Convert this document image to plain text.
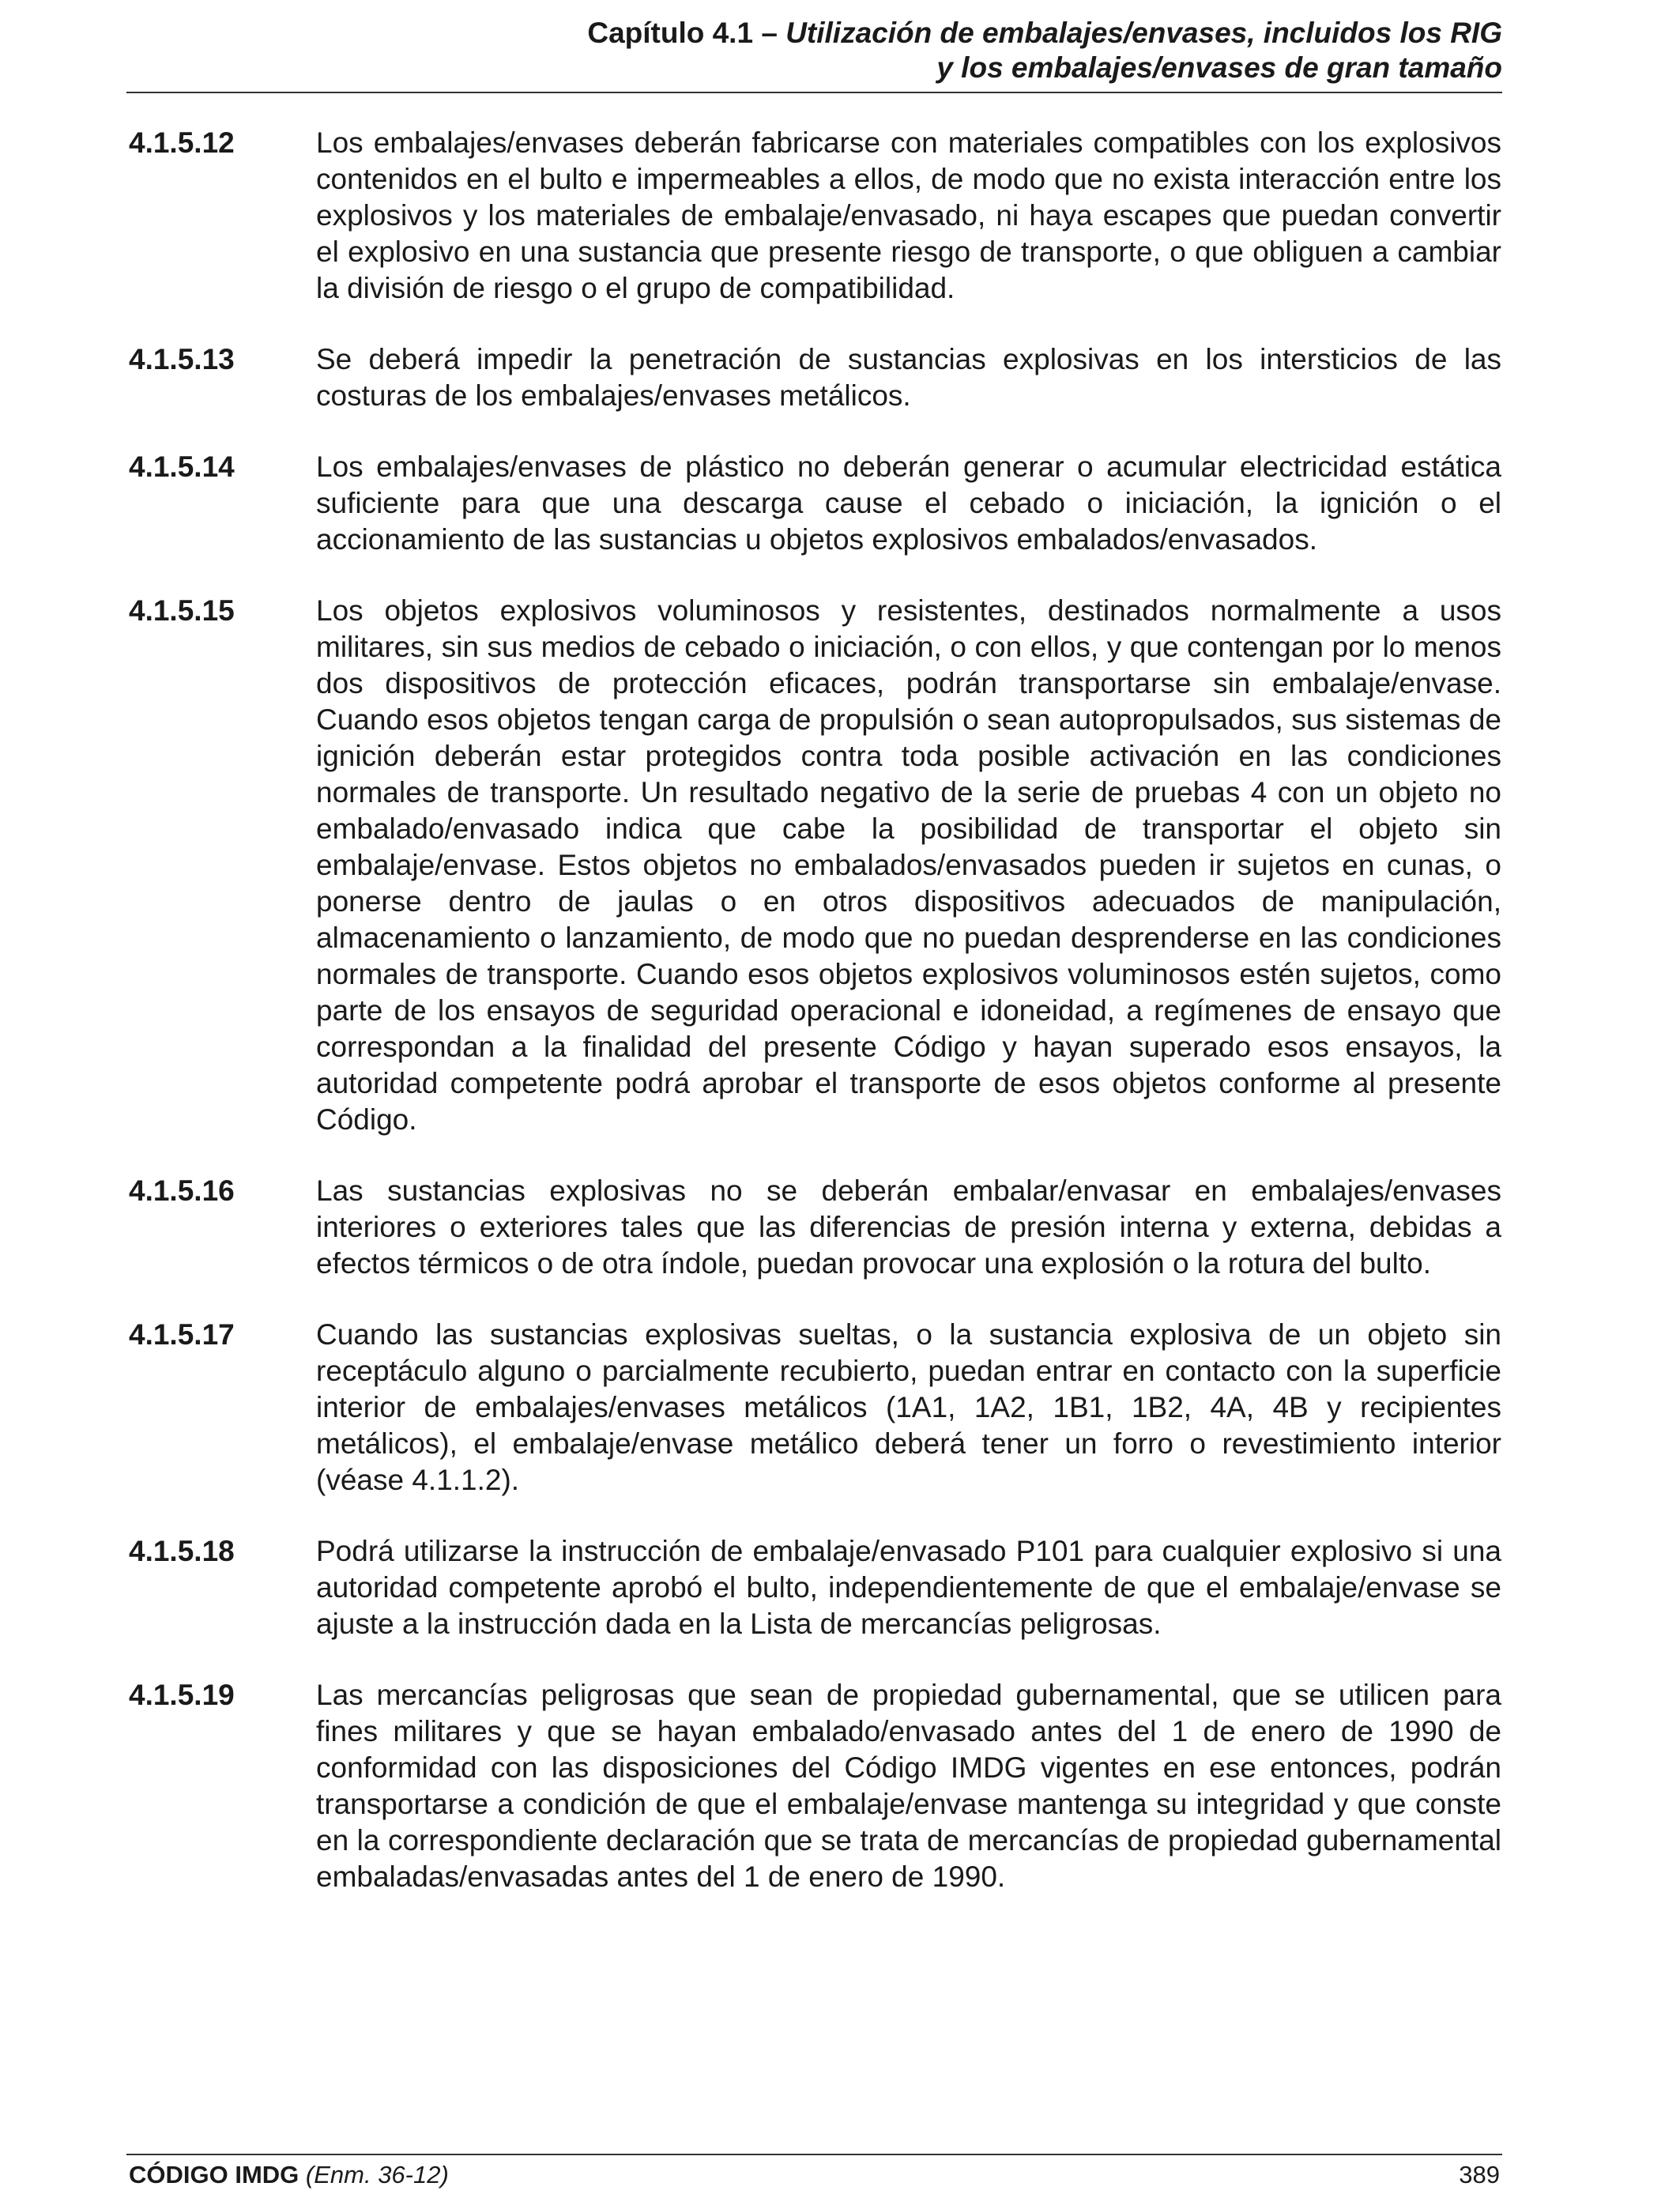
Capítulo 4.1 – Utilización de embalajes/envases, incluidos los RIG
y los embalajes/envases de gran tamaño
4.1.5.12	Los embalajes/envases deberán fabricarse con materiales compatibles con los explosivos contenidos en el bulto e impermeables a ellos, de modo que no exista interacción entre los explosivos y los materiales de embalaje/envasado, ni haya escapes que puedan convertir el explosivo en una sustancia que presente riesgo de transporte, o que obliguen a cambiar la división de riesgo o el grupo de compatibilidad.

4.1.5.13	Se deberá impedir la penetración de sustancias explosivas en los intersticios de las costuras de los embalajes/envases metálicos.

4.1.5.14	Los embalajes/envases de plástico no deberán generar o acumular electricidad estática suficiente para que una descarga cause el cebado o iniciación, la ignición o el accionamiento de las sustancias u objetos explosivos embalados/envasados.

4.1.5.15	Los objetos explosivos voluminosos y resistentes, destinados normalmente a usos militares, sin sus medios de cebado o iniciación, o con ellos, y que contengan por lo menos dos dispositivos de protección eficaces, podrán transportarse sin embalaje/envase. Cuando esos objetos tengan carga de propulsión o sean autopropulsados, sus sistemas de ignición deberán estar protegidos contra toda posible activación en las condiciones normales de transporte. Un resultado negativo de la serie de pruebas 4 con un objeto no embalado/envasado indica que cabe la posibilidad de transportar el objeto sin embalaje/envase. Estos objetos no embalados/envasados pueden ir sujetos en cunas, o ponerse dentro de jaulas o en otros dispositivos adecuados de manipulación, almacenamiento o lanzamiento, de modo que no puedan desprenderse en las condiciones normales de transporte. Cuando esos objetos explosivos voluminosos estén sujetos, como parte de los ensayos de seguridad operacional e idoneidad, a regímenes de ensayo que correspondan a la finalidad del presente Código y hayan superado esos ensayos, la autoridad competente podrá aprobar el transporte de esos objetos conforme al presente Código.

4.1.5.16	Las sustancias explosivas no se deberán embalar/envasar en embalajes/envases interiores o exteriores tales que las diferencias de presión interna y externa, debidas a efectos térmicos o de otra índole, puedan provocar una explosión o la rotura del bulto.

4.1.5.17	Cuando las sustancias explosivas sueltas, o la sustancia explosiva de un objeto sin receptáculo alguno o parcialmente recubierto, puedan entrar en contacto con la superficie interior de embalajes/envases metálicos (1A1, 1A2, 1B1, 1B2, 4A, 4B y recipientes metálicos), el embalaje/envase metálico deberá tener un forro o revestimiento interior (véase 4.1.1.2).

4.1.5.18	Podrá utilizarse la instrucción de embalaje/envasado P101 para cualquier explosivo si una autoridad competente aprobó el bulto, independientemente de que el embalaje/envase se ajuste a la instrucción dada en la Lista de mercancías peligrosas.

4.1.5.19	Las mercancías peligrosas que sean de propiedad gubernamental, que se utilicen para fines militares y que se hayan embalado/envasado antes del 1 de enero de 1990 de conformidad con las disposiciones del Código IMDG vigentes en ese entonces, podrán transportarse a condición de que el embalaje/envase mantenga su integridad y que conste en la correspondiente declaración que se trata de mercancías de propiedad gubernamental embaladas/envasadas antes del 1 de enero de 1990.

CÓDIGO IMDG (Enm. 36-12)	389
